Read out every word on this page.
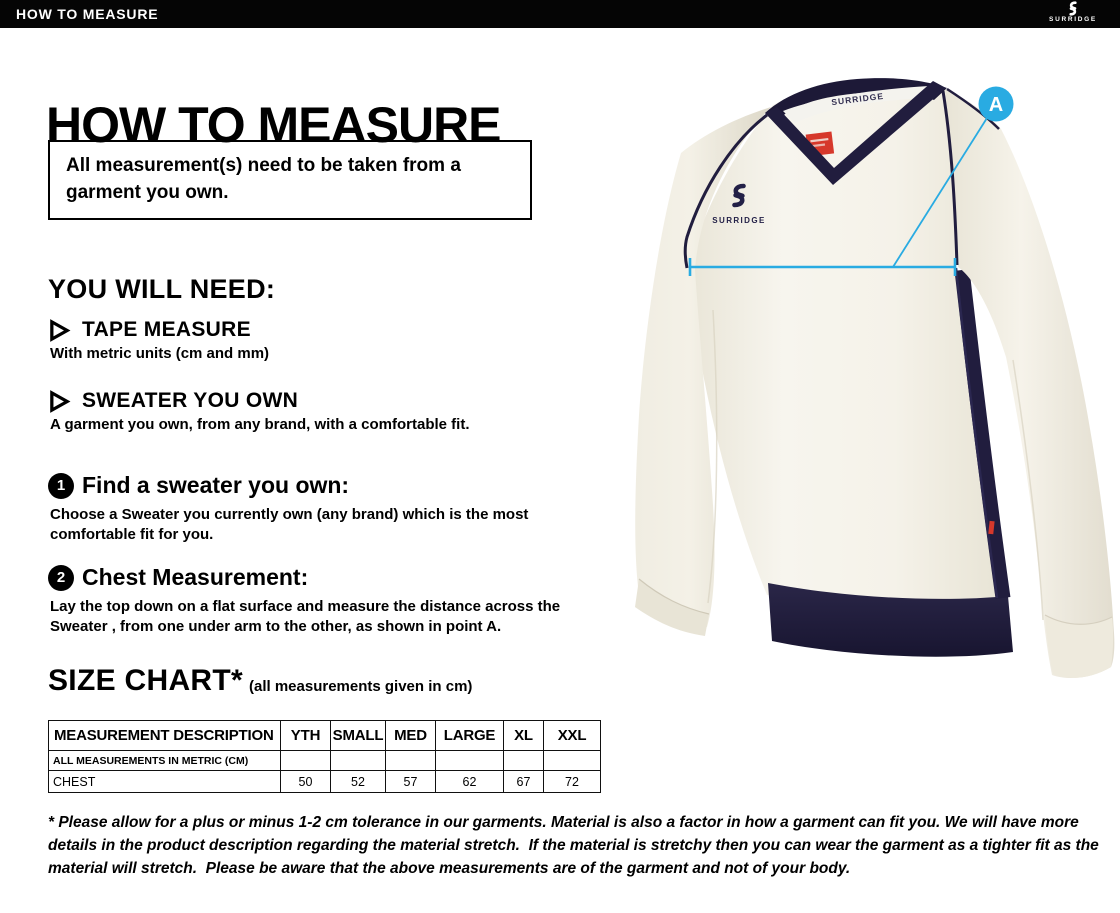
HOW TO MEASURE	SURRIDGE
HOW TO MEASURE

All measurement(s) need to be taken from a garment you own.

YOU WILL NEED:
TAPE MEASURE

With metric units (cm and mm)

SWEATER YOU OWN

A garment you own, from any brand, with a comfortable fit.

1 Find a sweater you own:

Choose a Sweater you currently own (any brand) which is the most comfortable fit for you.

2 Chest Measurement:

Lay the top down on a flat surface and measure the distance across the Sweater , from one under arm to the other, as shown in point A.

SIZE CHART* (all measurements given in cm)
MEASUREMENT DESCRIPTION	YTH	SMALL	MED	LARGE	XL	XXL
ALL MEASUREMENTS IN METRIC (CM)						
CHEST	50	52	57	62	67	72

* Please allow for a plus or minus 1-2 cm tolerance in our garments. Material is also a factor in how a garment can fit you. We will have more details in the product description regarding the material stretch.  If the material is stretchy then you can wear the garment as a tighter fit as the material will stretch.  Please be aware that the above measurements are of the garment and not of your body.

SURRIDGE
SURRIDGE
A
